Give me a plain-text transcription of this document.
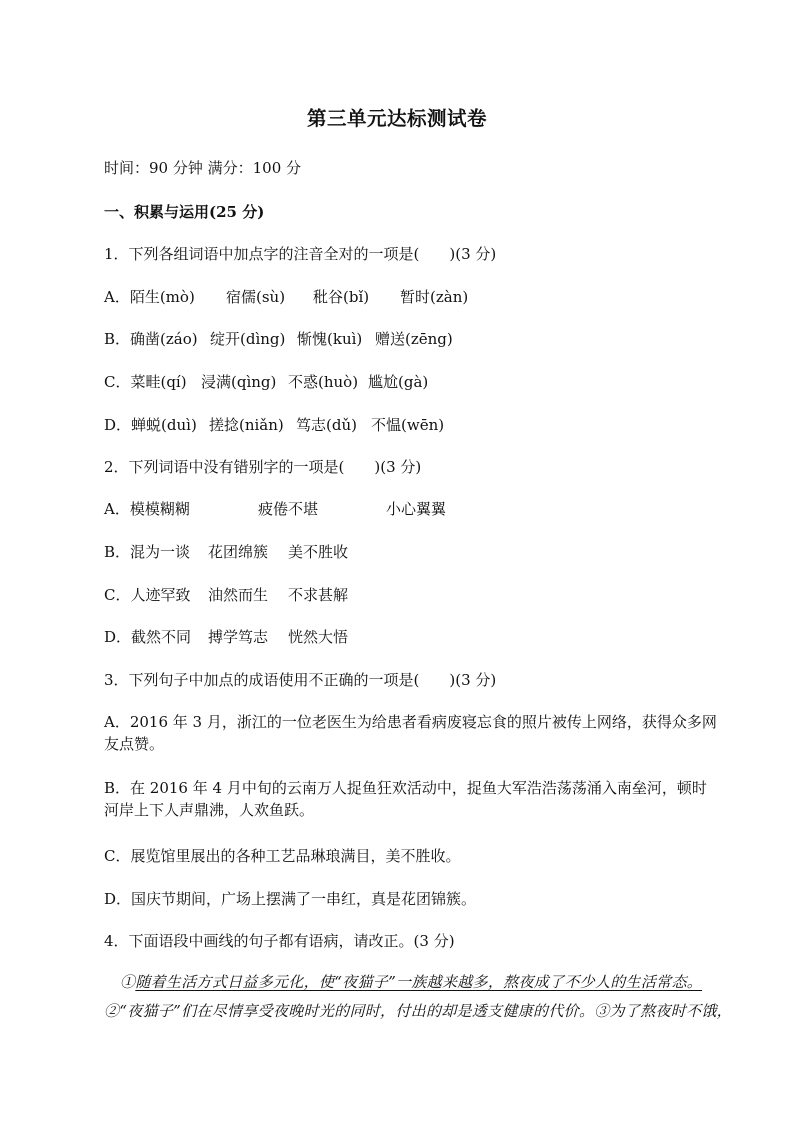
第三单元达标测试卷
时间：90 分钟 满分：100 分
一、积累与运用(25 分)
1．下列各组词语中加点字的注音全对的一项是(　　)(3 分)
A．陌生(mò) 宿儒(sù) 秕谷(bǐ) 暂时(zàn)
B．确凿(záo) 绽开(dìng) 惭愧(kuì) 赠送(zēng)
C．菜畦(qí) 浸满(qìng) 不惑(huò) 尴尬(gà)
D．蝉蜕(duì) 搓捻(niǎn) 笃志(dǔ) 不愠(wēn)
2．下列词语中没有错别字的一项是(　　)(3 分)
A．模模糊糊	疲倦不堪	小心翼翼
B．混为一谈 花团绵簇 美不胜收
C．人迹罕致 油然而生 不求甚解
D．截然不同 搏学笃志 恍然大悟
3．下列句子中加点的成语使用不正确的一项是(　　)(3 分)
A．2016 年 3 月，浙江的一位老医生为给患者看病废寝忘食的照片被传上网络，获得众多网友点赞。
B．在 2016 年 4 月中旬的云南万人捉鱼狂欢活动中，捉鱼大军浩浩荡荡涌入南垒河，顿时河岸上下人声鼎沸，人欢鱼跃。
C．展览馆里展出的各种工艺品琳琅满目，美不胜收。
D．国庆节期间，广场上摆满了一串红，真是花团锦簇。
4．下面语段中画线的句子都有语病，请改正。(3 分)
①随着生活方式日益多元化，使“夜猫子”一族越来越多，熬夜成了不少人的生活常态。
②“夜猫子”们在尽情享受夜晚时光的同时，付出的却是透支健康的代价。③为了熬夜时不饿，
